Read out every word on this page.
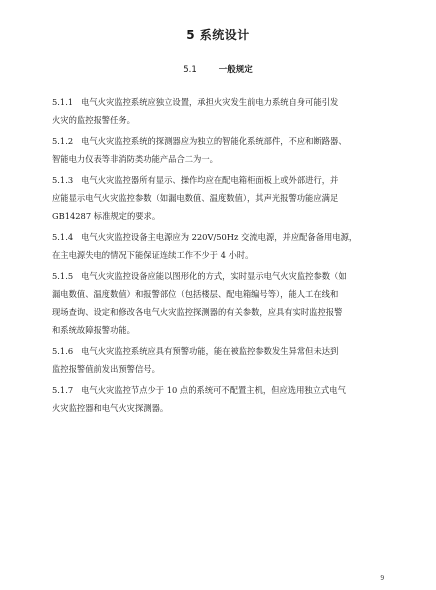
5 系统设计
5.1	一般规定
5.1.1 电气火灾监控系统应独立设置，承担火灾发生前电力系统自身可能引发
火灾的监控报警任务。
5.1.2 电气火灾监控系统的探测器应为独立的智能化系统部件，不应和断路器、
智能电力仪表等非消防类功能产品合二为一。
5.1.3 电气火灾监控器所有显示、操作均应在配电箱柜面板上或外部进行，并
应能显示电气火灾监控参数（如漏电数值、温度数值），其声光报警功能应满足
GB14287 标准规定的要求。
5.1.4 电气火灾监控设备主电源应为 220V/50Hz 交流电源，并应配备备用电源，
在主电源失电的情况下能保证连续工作不少于 4 小时。
5.1.5 电气火灾监控设备应能以图形化的方式，实时显示电气火灾监控参数（如
漏电数值、温度数值）和报警部位（包括楼层、配电箱编号等），能人工在线和
现场查询、设定和修改各电气火灾监控探测器的有关参数，应具有实时监控报警
和系统故障报警功能。
5.1.6 电气火灾监控系统应具有预警功能，能在被监控参数发生异常但未达到
监控报警值前发出预警信号。
5.1.7 电气火灾监控节点少于 10 点的系统可不配置主机，但应选用独立式电气
火灾监控器和电气火灾探测器。
9
